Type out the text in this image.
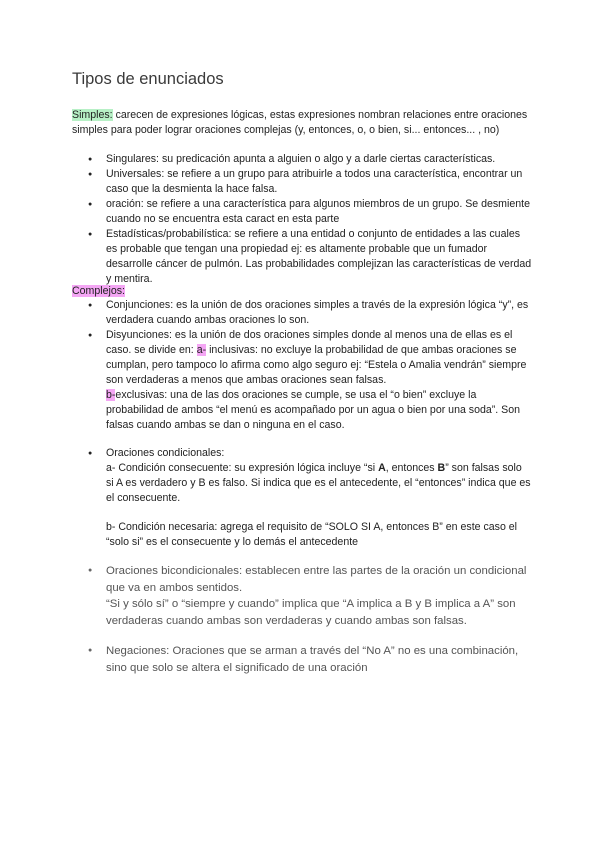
Tipos de enunciados

Simples: carecen de expresiones lógicas, estas expresiones nombran relaciones entre oraciones simples para poder lograr oraciones complejas (y, entonces, o, o bien, si... entonces... , no)

● Singulares: su predicación apunta a alguien o algo y a darle ciertas características.
● Universales: se refiere a un grupo para atribuirle a todos una característica, encontrar un caso que la desmienta la hace falsa.
● oración: se refiere a una característica para algunos miembros de un grupo. Se desmiente cuando no se encuentra esta caract en esta parte
● Estadísticas/probabilística: se refiere a una entidad o conjunto de entidades a las cuales es probable que tengan una propiedad ej: es altamente probable que un fumador desarrolle cáncer de pulmón. Las probabilidades complejizan las características de verdad y mentira.

Complejos:

● Conjunciones: es la unión de dos oraciones simples a través de la expresión lógica “y”, es verdadera cuando ambas oraciones lo son.
● Disyunciones: es la unión de dos oraciones simples donde al menos una de ellas es el caso. se divide en: a- inclusivas: no excluye la probabilidad de que ambas oraciones se cumplan, pero tampoco lo afirma como algo seguro ej: “Estela o Amalia vendrán” siempre son verdaderas a menos que ambas oraciones sean falsas.
b-exclusivas: una de las dos oraciones se cumple, se usa el “o bien” excluye la probabilidad de ambos “el menú es acompañado por un agua o bien por una soda”. Son falsas cuando ambas se dan o ninguna en el caso.
● Oraciones condicionales:
a- Condición consecuente: su expresión lógica incluye “si A, entonces B” son falsas solo si A es verdadero y B es falso. Si indica que es el antecedente, el “entonces” indica que es el consecuente.
b- Condición necesaria: agrega el requisito de “SOLO SI A, entonces B” en este caso el “solo si” es el consecuente y lo demás el antecedente
● Oraciones bicondicionales: establecen entre las partes de la oración un condicional que va en ambos sentidos.
“Si y sólo sí” o “siempre y cuando” implica que “A implica a B y B implica a A” son verdaderas cuando ambas son verdaderas y cuando ambas son falsas.
● Negaciones: Oraciones que se arman a través del “No A” no es una combinación, sino que solo se altera el significado de una oración
